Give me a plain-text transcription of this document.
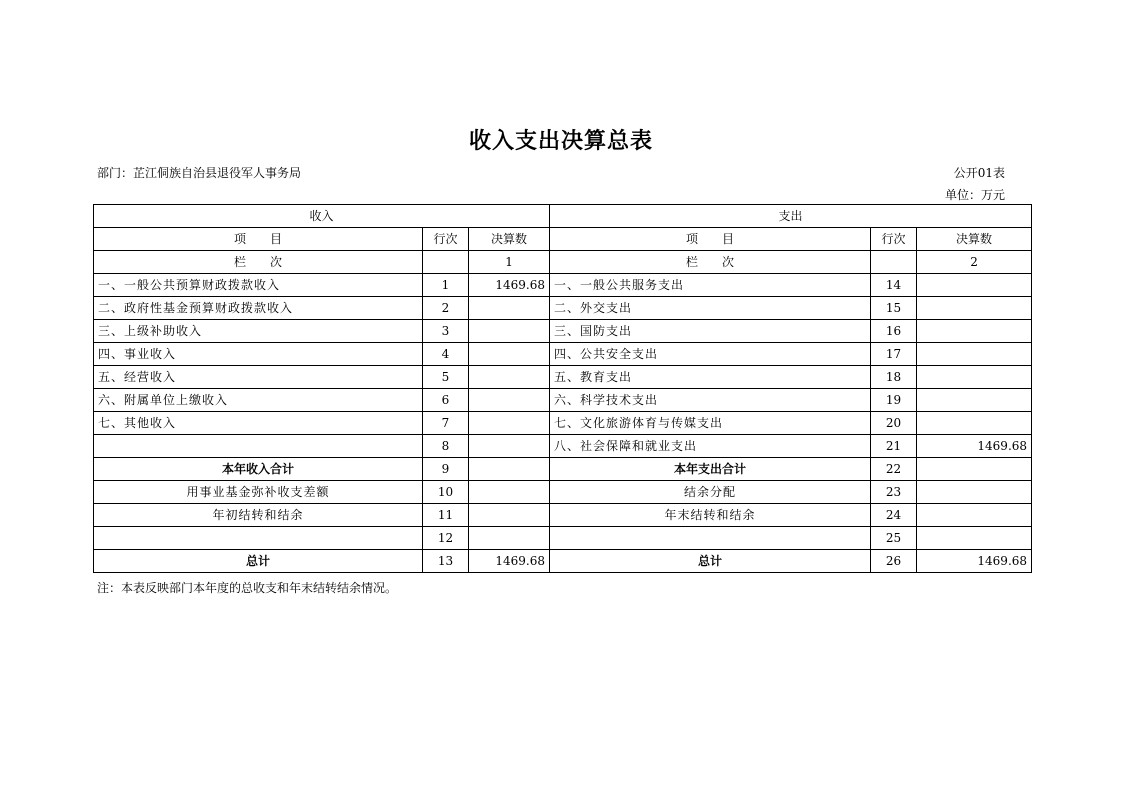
收入支出决算总表
部门：芷江侗族自治县退役军人事务局	公开01表
单位：万元
收入			支出		
项　　目	行次	决算数	项　　目	行次	决算数
栏　　次		1	栏　　次		2
一、一般公共预算财政拨款收入	1	1469.68	一、一般公共服务支出	14	
二、政府性基金预算财政拨款收入	2		二、外交支出	15	
三、上级补助收入	3		三、国防支出	16	
四、事业收入	4		四、公共安全支出	17	
五、经营收入	5		五、教育支出	18	
六、附属单位上缴收入	6		六、科学技术支出	19	
七、其他收入	7		七、文化旅游体育与传媒支出	20	
	8		八、社会保障和就业支出	21	1469.68
本年收入合计	9		本年支出合计	22	
用事业基金弥补收支差额	10		结余分配	23	
年初结转和结余	11		年末结转和结余	24	
	12			25	
总计	13	1469.68	总计	26	1469.68
注：本表反映部门本年度的总收支和年末结转结余情况。
